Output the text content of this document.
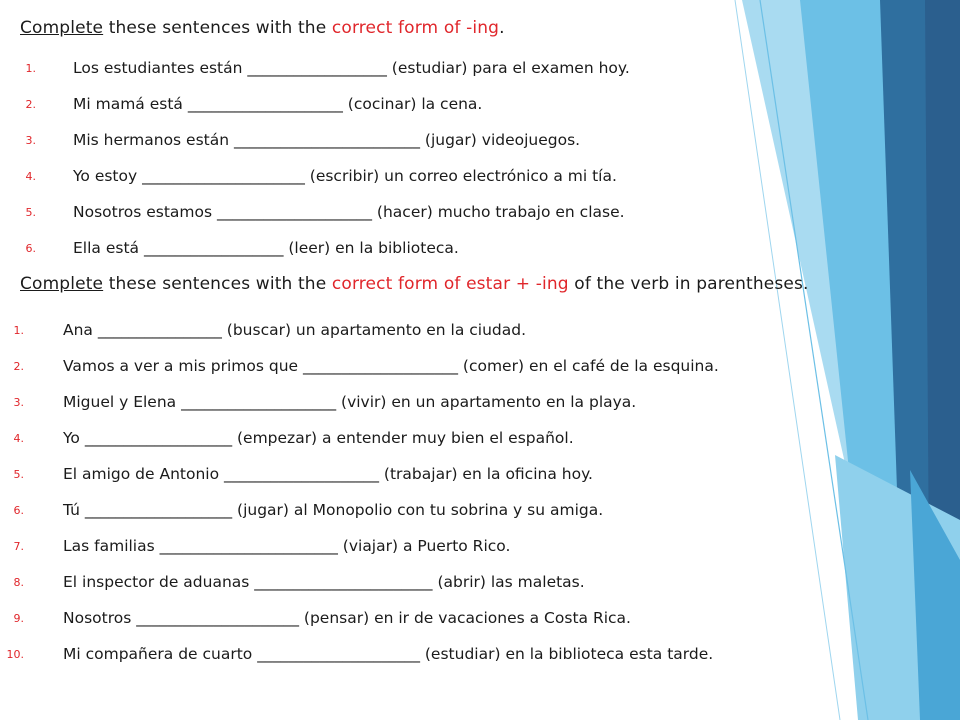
Complete these sentences with the correct form of -ing.
1. Los estudiantes están __________________ (estudiar) para el examen hoy.
2. Mi mamá está ____________________ (cocinar) la cena.
3. Mis hermanos están ________________________ (jugar) videojuegos.
4. Yo estoy _____________________ (escribir) un correo electrónico a mi tía.
5. Nosotros estamos ____________________ (hacer) mucho trabajo en clase.
6. Ella está __________________ (leer) en la biblioteca.
Complete these sentences with the correct form of estar + -ing of the verb in parentheses.
1.	Ana ________________ (buscar) un apartamento en la ciudad.
2.	Vamos a ver a mis primos que ____________________ (comer) en el café de la esquina.
3.	Miguel y Elena ____________________ (vivir) en un apartamento en la playa.
4.	Yo ___________________ (empezar) a entender muy bien el español.
5.	El amigo de Antonio ____________________ (trabajar) en la oficina hoy.
6.	Tú ___________________ (jugar) al Monopolio con tu sobrina y su amiga.
7.	Las familias _______________________ (viajar) a Puerto Rico.
8.	El inspector de aduanas _______________________ (abrir) las maletas.
9.	Nosotros _____________________ (pensar) en ir de vacaciones a Costa Rica.
10.	Mi compañera de cuarto _____________________ (estudiar) en la biblioteca esta tarde.
